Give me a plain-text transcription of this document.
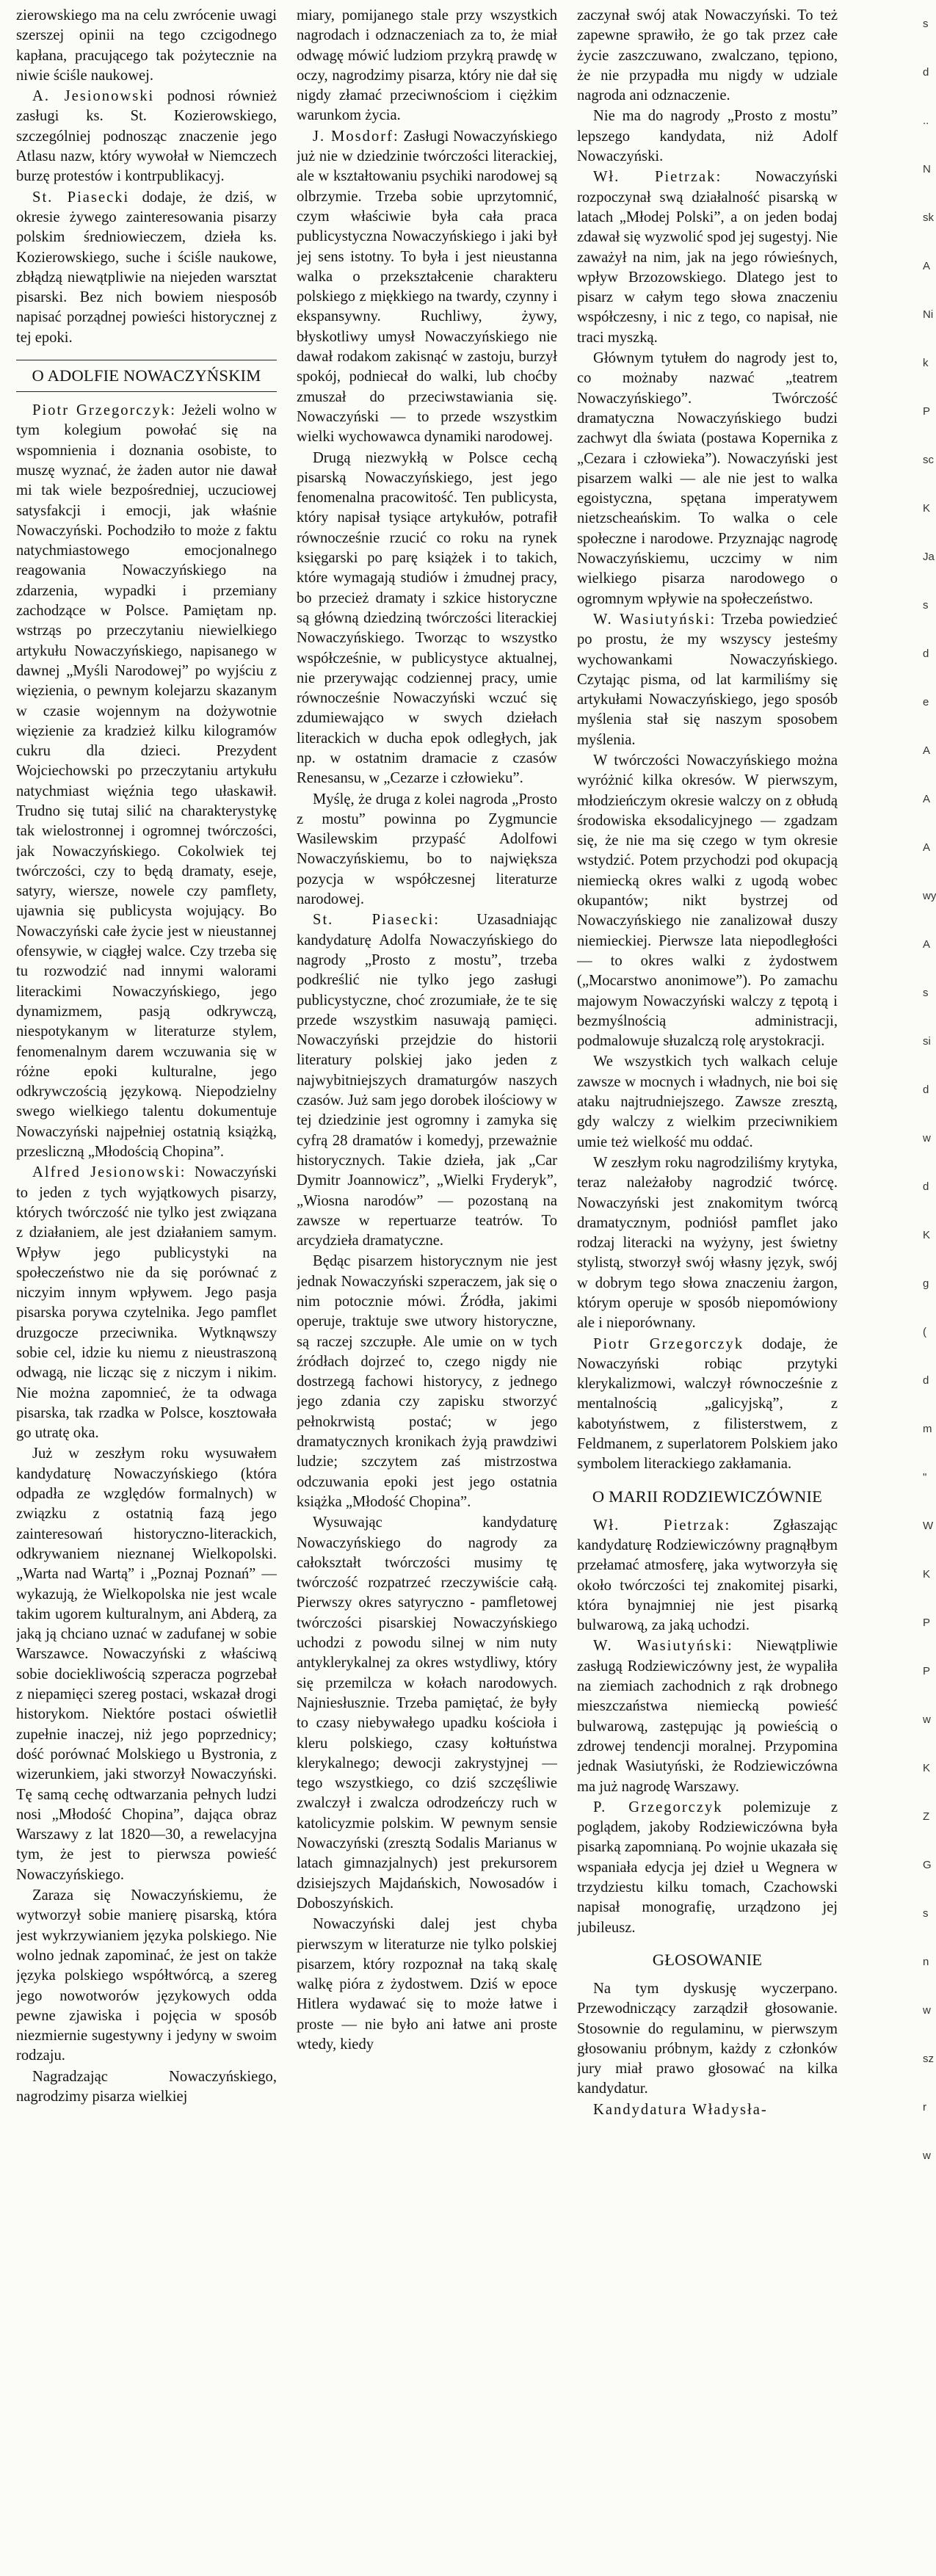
zierowskiego ma na celu zwrócenie uwagi szerszej opinii na tego czcigodnego kapłana, pracującego tak pożytecznie na niwie ściśle naukowej.

A. Jesionowski podnosi również zasługi ks. St. Kozierowskiego, szczególniej podnosząc znaczenie jego Atlasu nazw, który wywołał w Niemczech burzę protestów i kontrpublikacyj.

St. Piasecki dodaje, że dziś, w okresie żywego zainteresowania pisarzy polskim średniowieczem, dzieła ks. Kozierowskiego, suche i ściśle naukowe, zbłądzą niewątpliwie na niejeden warsztat pisarski. Bez nich bowiem niesposób napisać porządnej powieści historycznej z tej epoki.

O ADOLFIE NOWACZYŃSKIM

Piotr Grzegorczyk: Jeżeli wolno w tym kolegium powołać się na wspomnienia i doznania osobiste, to muszę wyznać, że żaden autor nie dawał mi tak wiele bezpośredniej, uczuciowej satysfakcji i emocji, jak właśnie Nowaczyński. Pochodziło to może z faktu natychmiastowego emocjonalnego reagowania Nowaczyńskiego na zdarzenia, wypadki i przemiany zachodzące w Polsce. Pamiętam np. wstrząs po przeczytaniu niewielkiego artykułu Nowaczyńskiego, napisanego w dawnej „Myśli Narodowej” po wyjściu z więzienia, o pewnym kolejarzu skazanym w czasie wojennym na dożywotnie więzienie za kradzież kilku kilogramów cukru dla dzieci. Prezydent Wojciechowski po przeczytaniu artykułu natychmiast więźnia tego ułaskawił. Trudno się tutaj silić na charakterystykę tak wielostronnej i ogromnej twórczości, jak Nowaczyńskiego. Cokolwiek tej twórczości, czy to będą dramaty, eseje, satyry, wiersze, nowele czy pamflety, ujawnia się publicysta wojujący. Bo Nowaczyński całe życie jest w nieustannej ofensywie, w ciągłej walce. Czy trzeba się tu rozwodzić nad innymi walorami literackimi Nowaczyńskiego, jego dynamizmem, pasją odkrywczą, niespotykanym w literaturze stylem, fenomenalnym darem wczuwania się w różne epoki kulturalne, jego odkrywczością językową. Niepodzielny swego wielkiego talentu dokumentuje Nowaczyński najpełniej ostatnią książką, przesliczną „Młodością Chopina”.

Alfred Jesionowski: Nowaczyński to jeden z tych wyjątkowych pisarzy, których twórczość nie tylko jest związana z działaniem, ale jest działaniem samym. Wpływ jego publicystyki na społeczeństwo nie da się porównać z niczyim innym wpływem. Jego pasja pisarska porywa czytelnika. Jego pamflet druzgocze przeciwnika. Wytknąwszy sobie cel, idzie ku niemu z nieustraszoną odwagą, nie licząc się z niczym i nikim. Nie można zapomnieć, że ta odwaga pisarska, tak rzadka w Polsce, kosztowała go utratę oka.

Już w zeszłym roku wysuwałem kandydaturę Nowaczyńskiego (która odpadła ze względów formalnych) w związku z ostatnią fazą jego zainteresowań historyczno-literackich, odkrywaniem nieznanej Wielkopolski. „Warta nad Wartą” i „Poznaj Poznań” — wykazują, że Wielkopolska nie jest wcale takim ugorem kulturalnym, ani Abderą, za jaką ją chciano uznać w zadufanej w sobie Warszawce. Nowaczyński z właściwą sobie dociekliwością szperacza pogrzebał z niepamięci szereg postaci, wskazał drogi historykom. Niektóre postaci oświetlił zupełnie inaczej, niż jego poprzednicy; dość porównać Molskiego u Bystronia, z wizerunkiem, jaki stworzył Nowaczyński. Tę samą cechę odtwarzania pełnych ludzi nosi „Młodość Chopina”, dająca obraz Warszawy z lat 1820—30, a rewelacyjna tym, że jest to pierwsza powieść Nowaczyńskiego.

Zaraza się Nowaczyńskiemu, że wytworzył sobie manierę pisarską, która jest wykrzywianiem języka polskiego. Nie wolno jednak zapominać, że jest on także języka polskiego współtwórcą, a szereg jego nowotworów językowych odda pewne zjawiska i pojęcia w sposób niezmiernie sugestywny i jedyny w swoim rodzaju.

Nagradzając Nowaczyńskiego, nagrodzimy pisarza wielkiej

miary, pomijanego stale przy wszystkich nagrodach i odznaczeniach za to, że miał odwagę mówić ludziom przykrą prawdę w oczy, nagrodzimy pisarza, który nie dał się nigdy złamać przeciwnościom i ciężkim warunkom życia.

J. Mosdorf: Zasługi Nowaczyńskiego już nie w dziedzinie twórczości literackiej, ale w kształtowaniu psychiki narodowej są olbrzymie. Trzeba sobie uprzytomnić, czym właściwie była cała praca publicystyczna Nowaczyńskiego i jaki był jej sens istotny. To była i jest nieustanna walka o przekształcenie charakteru polskiego z miękkiego na twardy, czynny i ekspansywny. Ruchliwy, żywy, błyskotliwy umysł Nowaczyńskiego nie dawał rodakom zakisnąć w zastoju, burzył spokój, podniecał do walki, lub choćby zmuszał do przeciwstawiania się. Nowaczyński — to przede wszystkim wielki wychowawca dynamiki narodowej.

Drugą niezwykłą w Polsce cechą pisarską Nowaczyńskiego, jest jego fenomenalna pracowitość. Ten publicysta, który napisał tysiące artykułów, potrafił równocześnie rzucić co roku na rynek księgarski po parę książek i to takich, które wymagają studiów i żmudnej pracy, bo przecież dramaty i szkice historyczne są główną dziedziną twórczości literackiej Nowaczyńskiego. Tworząc to wszystko współcześnie, w publicystyce aktualnej, nie przerywając codziennej pracy, umie równocześnie Nowaczyński wczuć się zdumiewająco w swych dziełach literackich w ducha epok odległych, jak np. w ostatnim dramacie z czasów Renesansu, w „Cezarze i człowieku”.

Myślę, że druga z kolei nagroda „Prosto z mostu” powinna po Zygmuncie Wasilewskim przypaść Adolfowi Nowaczyńskiemu, bo to największa pozycja w współczesnej literaturze narodowej.

St. Piasecki: Uzasadniając kandydaturę Adolfa Nowaczyńskiego do nagrody „Prosto z mostu”, trzeba podkreślić nie tylko jego zasługi publicystyczne, choć zrozumiałe, że te się przede wszystkim nasuwają pamięci. Nowaczyński przejdzie do historii literatury polskiej jako jeden z najwybitniejszych dramaturgów naszych czasów. Już sam jego dorobek ilościowy w tej dziedzinie jest ogromny i zamyka się cyfrą 28 dramatów i komedyj, przeważnie historycznych. Takie dzieła, jak „Car Dymitr Joannowicz”, „Wielki Fryderyk”, „Wiosna narodów” — pozostaną na zawsze w repertuarze teatrów. To arcydzieła dramatyczne.

Będąc pisarzem historycznym nie jest jednak Nowaczyński szperaczem, jak się o nim potocznie mówi. Źródła, jakimi operuje, traktuje swe utwory historyczne, są raczej szczupłe. Ale umie on w tych źródłach dojrzeć to, czego nigdy nie dostrzegą fachowi historycy, z jednego jego zdania czy zapisku stworzyć pełnokrwistą postać; w jego dramatycznych kronikach żyją prawdziwi ludzie; szczytem zaś mistrzostwa odczuwania epoki jest jego ostatnia książka „Młodość Chopina”.

Wysuwając kandydaturę Nowaczyńskiego do nagrody za całokształt twórczości musimy tę twórczość rozpatrzeć rzeczywiście całą. Pierwszy okres satyryczno - pamfletowej twórczości pisarskiej Nowaczyńskiego uchodzi z powodu silnej w nim nuty antyklerykalnej za okres wstydliwy, który się przemilcza w kołach narodowych. Najniesłusznie. Trzeba pamiętać, że były to czasy niebywałego upadku kościoła i kleru polskiego, czasy kołtuństwa klerykalnego; dewocji zakrystyjnej — tego wszystkiego, co dziś szczęśliwie zwalczył i zwalcza odrodzeńczy ruch w katolicyzmie polskim. W pewnym sensie Nowaczyński (zresztą Sodalis Marianus w latach gimnazjalnych) jest prekursorem dzisiejszych Majdańskich, Nowosadów i Doboszyńskich.

Nowaczyński dalej jest chyba pierwszym w literaturze nie tylko polskiej pisarzem, który rozpoznał na taką skalę walkę pióra z żydostwem. Dziś w epoce Hitlera wydawać się to może łatwe i proste — nie było ani łatwe ani proste wtedy, kiedy

zaczynał swój atak Nowaczyński. To też zapewne sprawiło, że go tak przez całe życie zaszczuwano, zwalczano, tępiono, że nie przypadła mu nigdy w udziale nagroda ani odznaczenie.

Nie ma do nagrody „Prosto z mostu” lepszego kandydata, niż Adolf Nowaczyński.

Wł. Pietrzak: Nowaczyński rozpoczynał swą działalność pisarską w latach „Młodej Polski”, a on jeden bodaj zdawał się wyzwolić spod jej sugestyj. Nie zaważył na nim, jak na jego rówieśnych, wpływ Brzozowskiego. Dlatego jest to pisarz w całym tego słowa znaczeniu współczesny, i nic z tego, co napisał, nie traci myszką.

Głównym tytułem do nagrody jest to, co możnaby nazwać „teatrem Nowaczyńskiego”. Twórczość dramatyczna Nowaczyńskiego budzi zachwyt dla świata (postawa Kopernika z „Cezara i człowieka”). Nowaczyński jest pisarzem walki — ale nie jest to walka egoistyczna, spętana imperatywem nietzscheańskim. To walka o cele społeczne i narodowe. Przyznając nagrodę Nowaczyńskiemu, uczcimy w nim wielkiego pisarza narodowego o ogromnym wpływie na społeczeństwo.

W. Wasiutyński: Trzeba powiedzieć po prostu, że my wszyscy jesteśmy wychowankami Nowaczyńskiego. Czytając pisma, od lat karmiliśmy się artykułami Nowaczyńskiego, jego sposób myślenia stał się naszym sposobem myślenia.

W twórczości Nowaczyńskiego można wyróżnić kilka okresów. W pierwszym, młodzieńczym okresie walczy on z obłudą środowiska eksodalicyjnego — zgadzam się, że nie ma się czego w tym okresie wstydzić. Potem przychodzi pod okupacją niemiecką okres walki z ugodą wobec okupantów; nikt bystrzej od Nowaczyńskiego nie zanalizował duszy niemieckiej. Pierwsze lata niepodległości — to okres walki z żydostwem („Mocarstwo anonimowe”). Po zamachu majowym Nowaczyński walczy z tępotą i bezmyślnością administracji, podmalowuje słuzalczą rolę arystokracji.

We wszystkich tych walkach celuje zawsze w mocnych i władnych, nie boi się ataku najtrudniejszego. Zawsze zresztą, gdy walczy z wielkim przeciwnikiem umie też wielkość mu oddać.

W zeszłym roku nagrodziliśmy krytyka, teraz należałoby nagrodzić twórcę. Nowaczyński jest znakomitym twórcą dramatycznym, podniósł pamflet jako rodzaj literacki na wyżyny, jest świetny stylistą, stworzył swój własny język, swój w dobrym tego słowa znaczeniu żargon, którym operuje w sposób niepomówiony ale i nieporównany.

Piotr Grzegorczyk dodaje, że Nowaczyński robiąc przytyki klerykalizmowi, walczył równocześnie z mentalnością „galicyjską”, z kabotyństwem, z filisterstwem, z Feldmanem, z superlatorem Polskiem jako symbolem literackiego zakłamania.

O MARII RODZIEWICZÓWNIE

Wł. Pietrzak:	Zgłaszając kandydaturę Rodziewiczówny pragnąłbym przełamać atmosferę, jaka wytworzyła się około twórczości tej znakomitej pisarki, która bynajmniej nie jest pisarką bulwarową, za jaką uchodzi.

W. Wasiutyński: Niewątpliwie zasługą Rodziewiczówny jest, że wypaliła na ziemiach zachodnich z rąk drobnego mieszczaństwa niemiecką powieść bulwarową, zastępując ją powieścią o zdrowej tendencji moralnej. Przypomina jednak Wasiutyński, że Rodziewiczówna ma już nagrodę Warszawy.

P. Grzegorczyk polemizuje z poglądem, jakoby Rodziewiczówna była pisarką zapomnianą. Po wojnie ukazała się wspaniała edycja jej dzieł u Wegnera w trzydziestu kilku tomach, Czachowski napisał monografię, urządzono jej jubileusz.

GŁOSOWANIE

Na tym dyskusję wyczerpano. Przewodniczący zarządził głosowanie. Stosownie do regulaminu, w pierwszym głosowaniu próbnym, każdy z członków jury miał prawo głosować na kilka kandydatur.

Kandydatura Władysła-

s
d
..
N
sk
A
Ni
k
P
sc
K
Ja
s
d
e
A
A
A
wy
A
s
si
d
w
d
K
g
(
d
m
"
W
K
P
P
w
K
Z
G
s
n
w
sz
r
w
